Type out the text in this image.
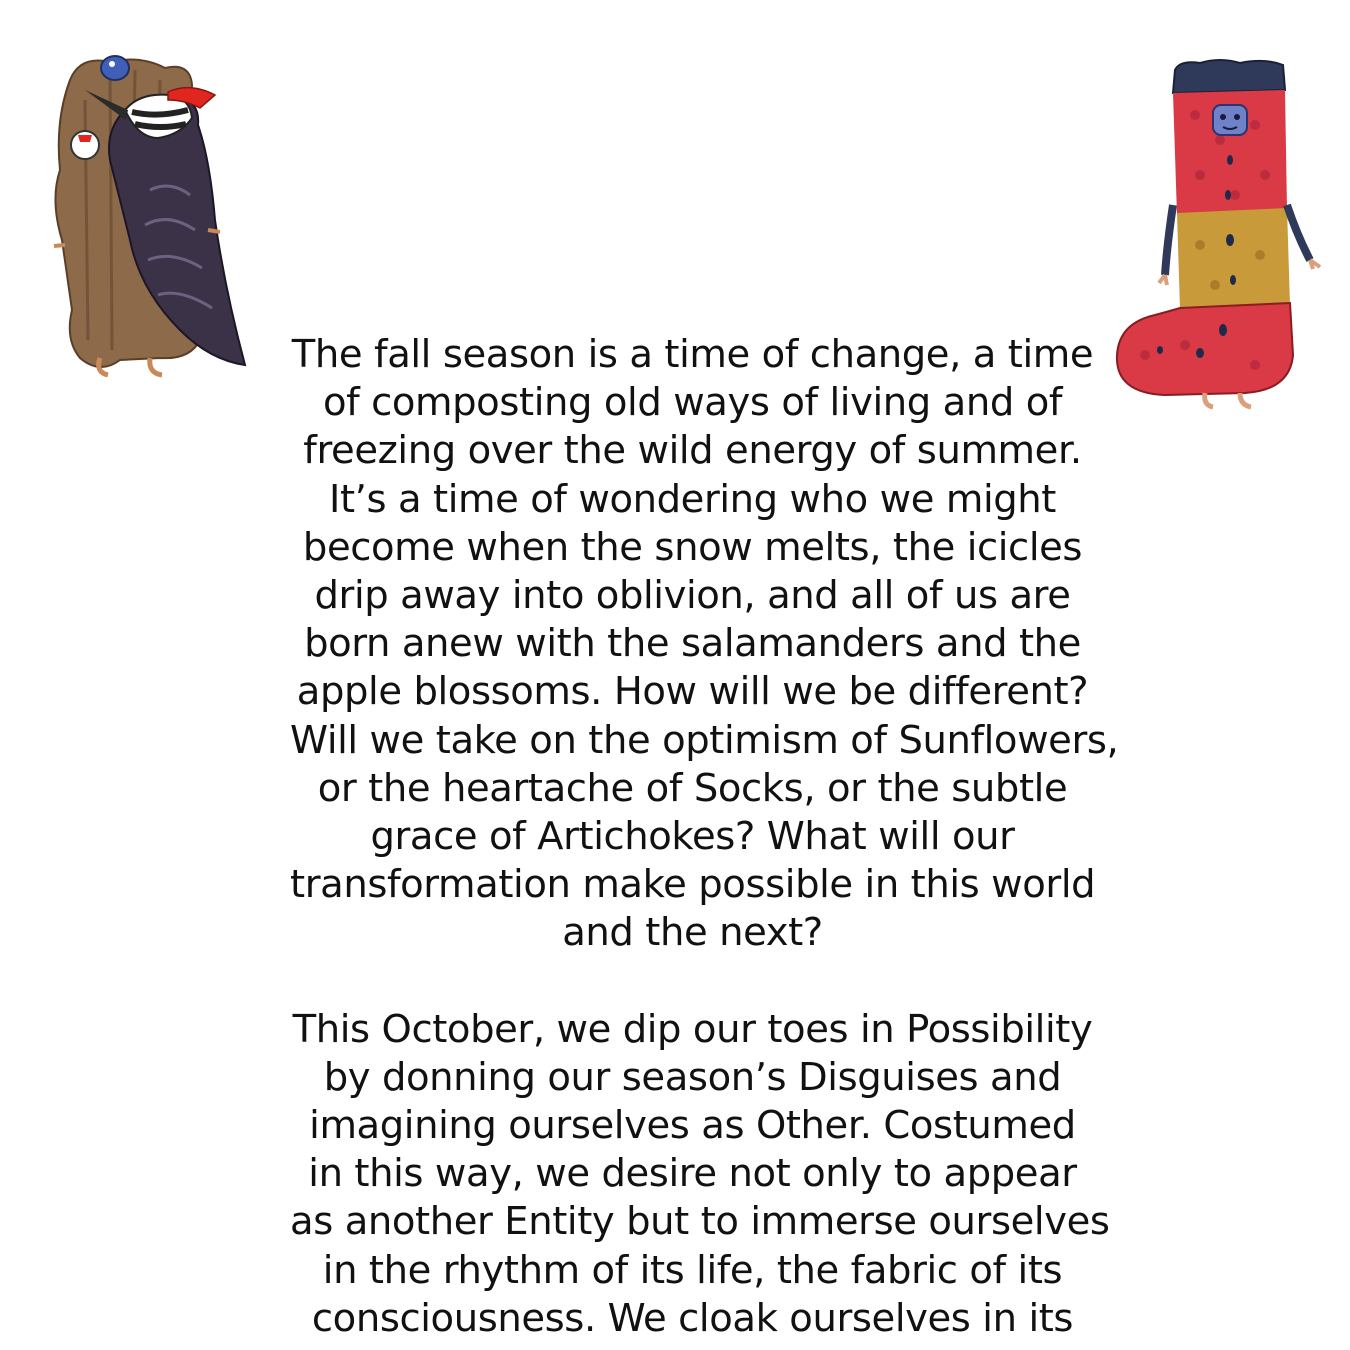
The fall season is a time of change, a time
of composting old ways of living and of
freezing over the wild energy of summer.
It’s a time of wondering who we might
become when the snow melts, the icicles
drip away into oblivion, and all of us are
born anew with the salamanders and the
apple blossoms. How will we be different?
Will we take on the optimism of Sunflowers,
or the heartache of Socks, or the subtle
grace of Artichokes? What will our
transformation make possible in this world
and the next?

This October, we dip our toes in Possibility
by donning our season’s Disguises and
imagining ourselves as Other. Costumed
in this way, we desire not only to appear
as another Entity but to immerse ourselves
in the rhythm of its life, the fabric of its
consciousness. We cloak ourselves in its
